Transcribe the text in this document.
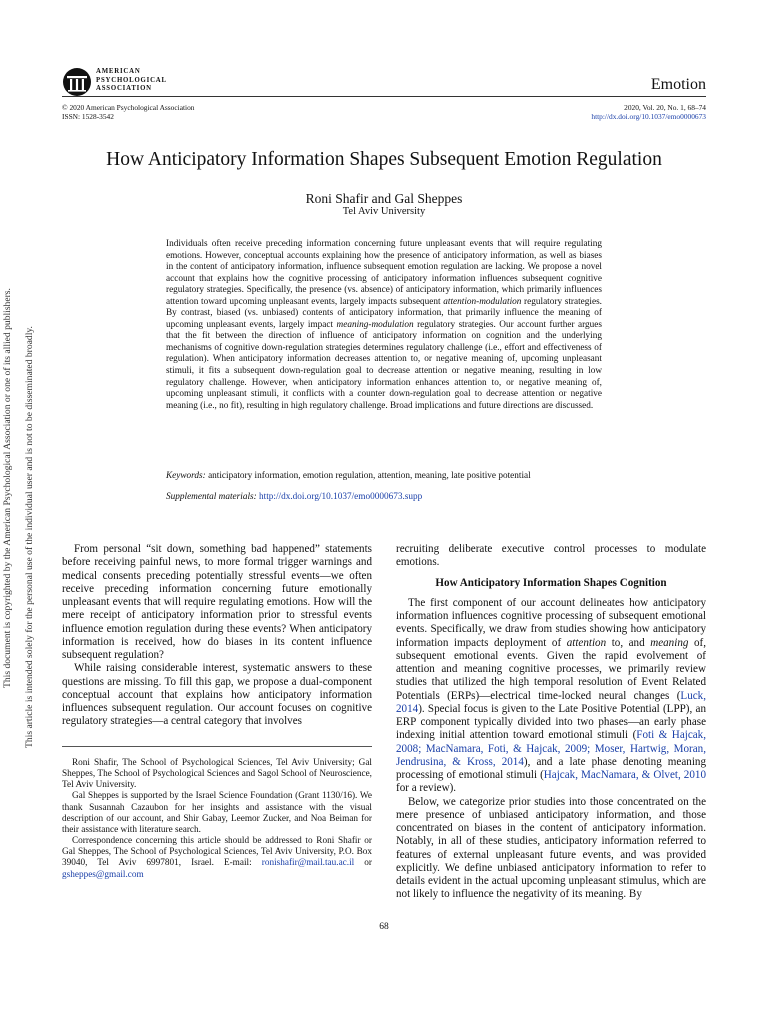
This document is copyrighted by the American Psychological Association or one of its allied publishers. This article is intended solely for the personal use of the individual user and is not to be disseminated broadly.
AMERICAN
PSYCHOLOGICAL
ASSOCIATION	Emotion
© 2020 American Psychological Association
ISSN: 1528-3542
2020, Vol. 20, No. 1, 68–74
http://dx.doi.org/10.1037/emo0000673
How Anticipatory Information Shapes Subsequent Emotion Regulation
Roni Shafir and Gal Sheppes
Tel Aviv University
Individuals often receive preceding information concerning future unpleasant events that will require regulating emotions. However, conceptual accounts explaining how the presence of anticipatory information, as well as biases in the content of anticipatory information, influence subsequent emotion regulation are lacking. We propose a novel account that explains how the cognitive processing of anticipatory information influences subsequent cognitive regulatory strategies. Specifically, the presence (vs. absence) of anticipatory information, which primarily influences attention toward upcoming unpleasant events, largely impacts subsequent attention-modulation regulatory strategies. By contrast, biased (vs. unbiased) contents of anticipatory information, that primarily influence the meaning of upcoming unpleasant events, largely impact meaning-modulation regulatory strategies. Our account further argues that the fit between the direction of influence of anticipatory information on cognition and the underlying mechanisms of cognitive down-regulation strategies determines regulatory challenge (i.e., effort and effectiveness of regulation). When anticipatory information decreases attention to, or negative meaning of, upcoming unpleasant stimuli, it fits a subsequent down-regulation goal to decrease attention or negative meaning, resulting in low regulatory challenge. However, when anticipatory information enhances attention to, or negative meaning of, upcoming unpleasant stimuli, it conflicts with a counter down-regulation goal to decrease attention or negative meaning (i.e., no fit), resulting in high regulatory challenge. Broad implications and future directions are discussed.
Keywords: anticipatory information, emotion regulation, attention, meaning, late positive potential
Supplemental materials: http://dx.doi.org/10.1037/emo0000673.supp

From personal “sit down, something bad happened” statements before receiving painful news, to more formal trigger warnings and medical consents preceding potentially stressful events—we often receive preceding information concerning future emotionally unpleasant events that will require regulating emotions. How will the mere receipt of anticipatory information prior to stressful events influence emotion regulation during these events? When anticipatory information is received, how do biases in its content influence subsequent regulation?

While raising considerable interest, systematic answers to these questions are missing. To fill this gap, we propose a dual-component conceptual account that explains how anticipatory information influences subsequent regulation. Our account focuses on cognitive regulatory strategies—a central category that involves

Roni Shafir, The School of Psychological Sciences, Tel Aviv University; Gal Sheppes, The School of Psychological Sciences and Sagol School of Neuroscience, Tel Aviv University.

Gal Sheppes is supported by the Israel Science Foundation (Grant 1130/16). We thank Susannah Cazaubon for her insights and assistance with the visual description of our account, and Shir Gabay, Leemor Zucker, and Noa Beiman for their assistance with literature search.

Correspondence concerning this article should be addressed to Roni Shafir or Gal Sheppes, The School of Psychological Sciences, Tel Aviv University, P.O. Box 39040, Tel Aviv 6997801, Israel. E-mail: ronishafir@mail.tau.ac.il or gsheppes@gmail.com

recruiting deliberate executive control processes to modulate emotions.

How Anticipatory Information Shapes Cognition

The first component of our account delineates how anticipatory information influences cognitive processing of subsequent emotional events. Specifically, we draw from studies showing how anticipatory information impacts deployment of attention to, and meaning of, subsequent emotional events. Given the rapid evolvement of attention and meaning cognitive processes, we primarily review studies that utilized the high temporal resolution of Event Related Potentials (ERPs)—electrical time-locked neural changes (Luck, 2014). Special focus is given to the Late Positive Potential (LPP), an ERP component typically divided into two phases—an early phase indexing initial attention toward emotional stimuli (Foti & Hajcak, 2008; MacNamara, Foti, & Hajcak, 2009; Moser, Hartwig, Moran, Jendrusina, & Kross, 2014), and a late phase denoting meaning processing of emotional stimuli (Hajcak, MacNamara, & Olvet, 2010 for a review).

Below, we categorize prior studies into those concentrated on the mere presence of unbiased anticipatory information, and those concentrated on biases in the content of anticipatory information. Notably, in all of these studies, anticipatory information referred to features of external unpleasant future events, and was provided explicitly. We define unbiased anticipatory information to refer to details evident in the actual upcoming unpleasant stimulus, which are not likely to influence the negativity of its meaning. By

68
